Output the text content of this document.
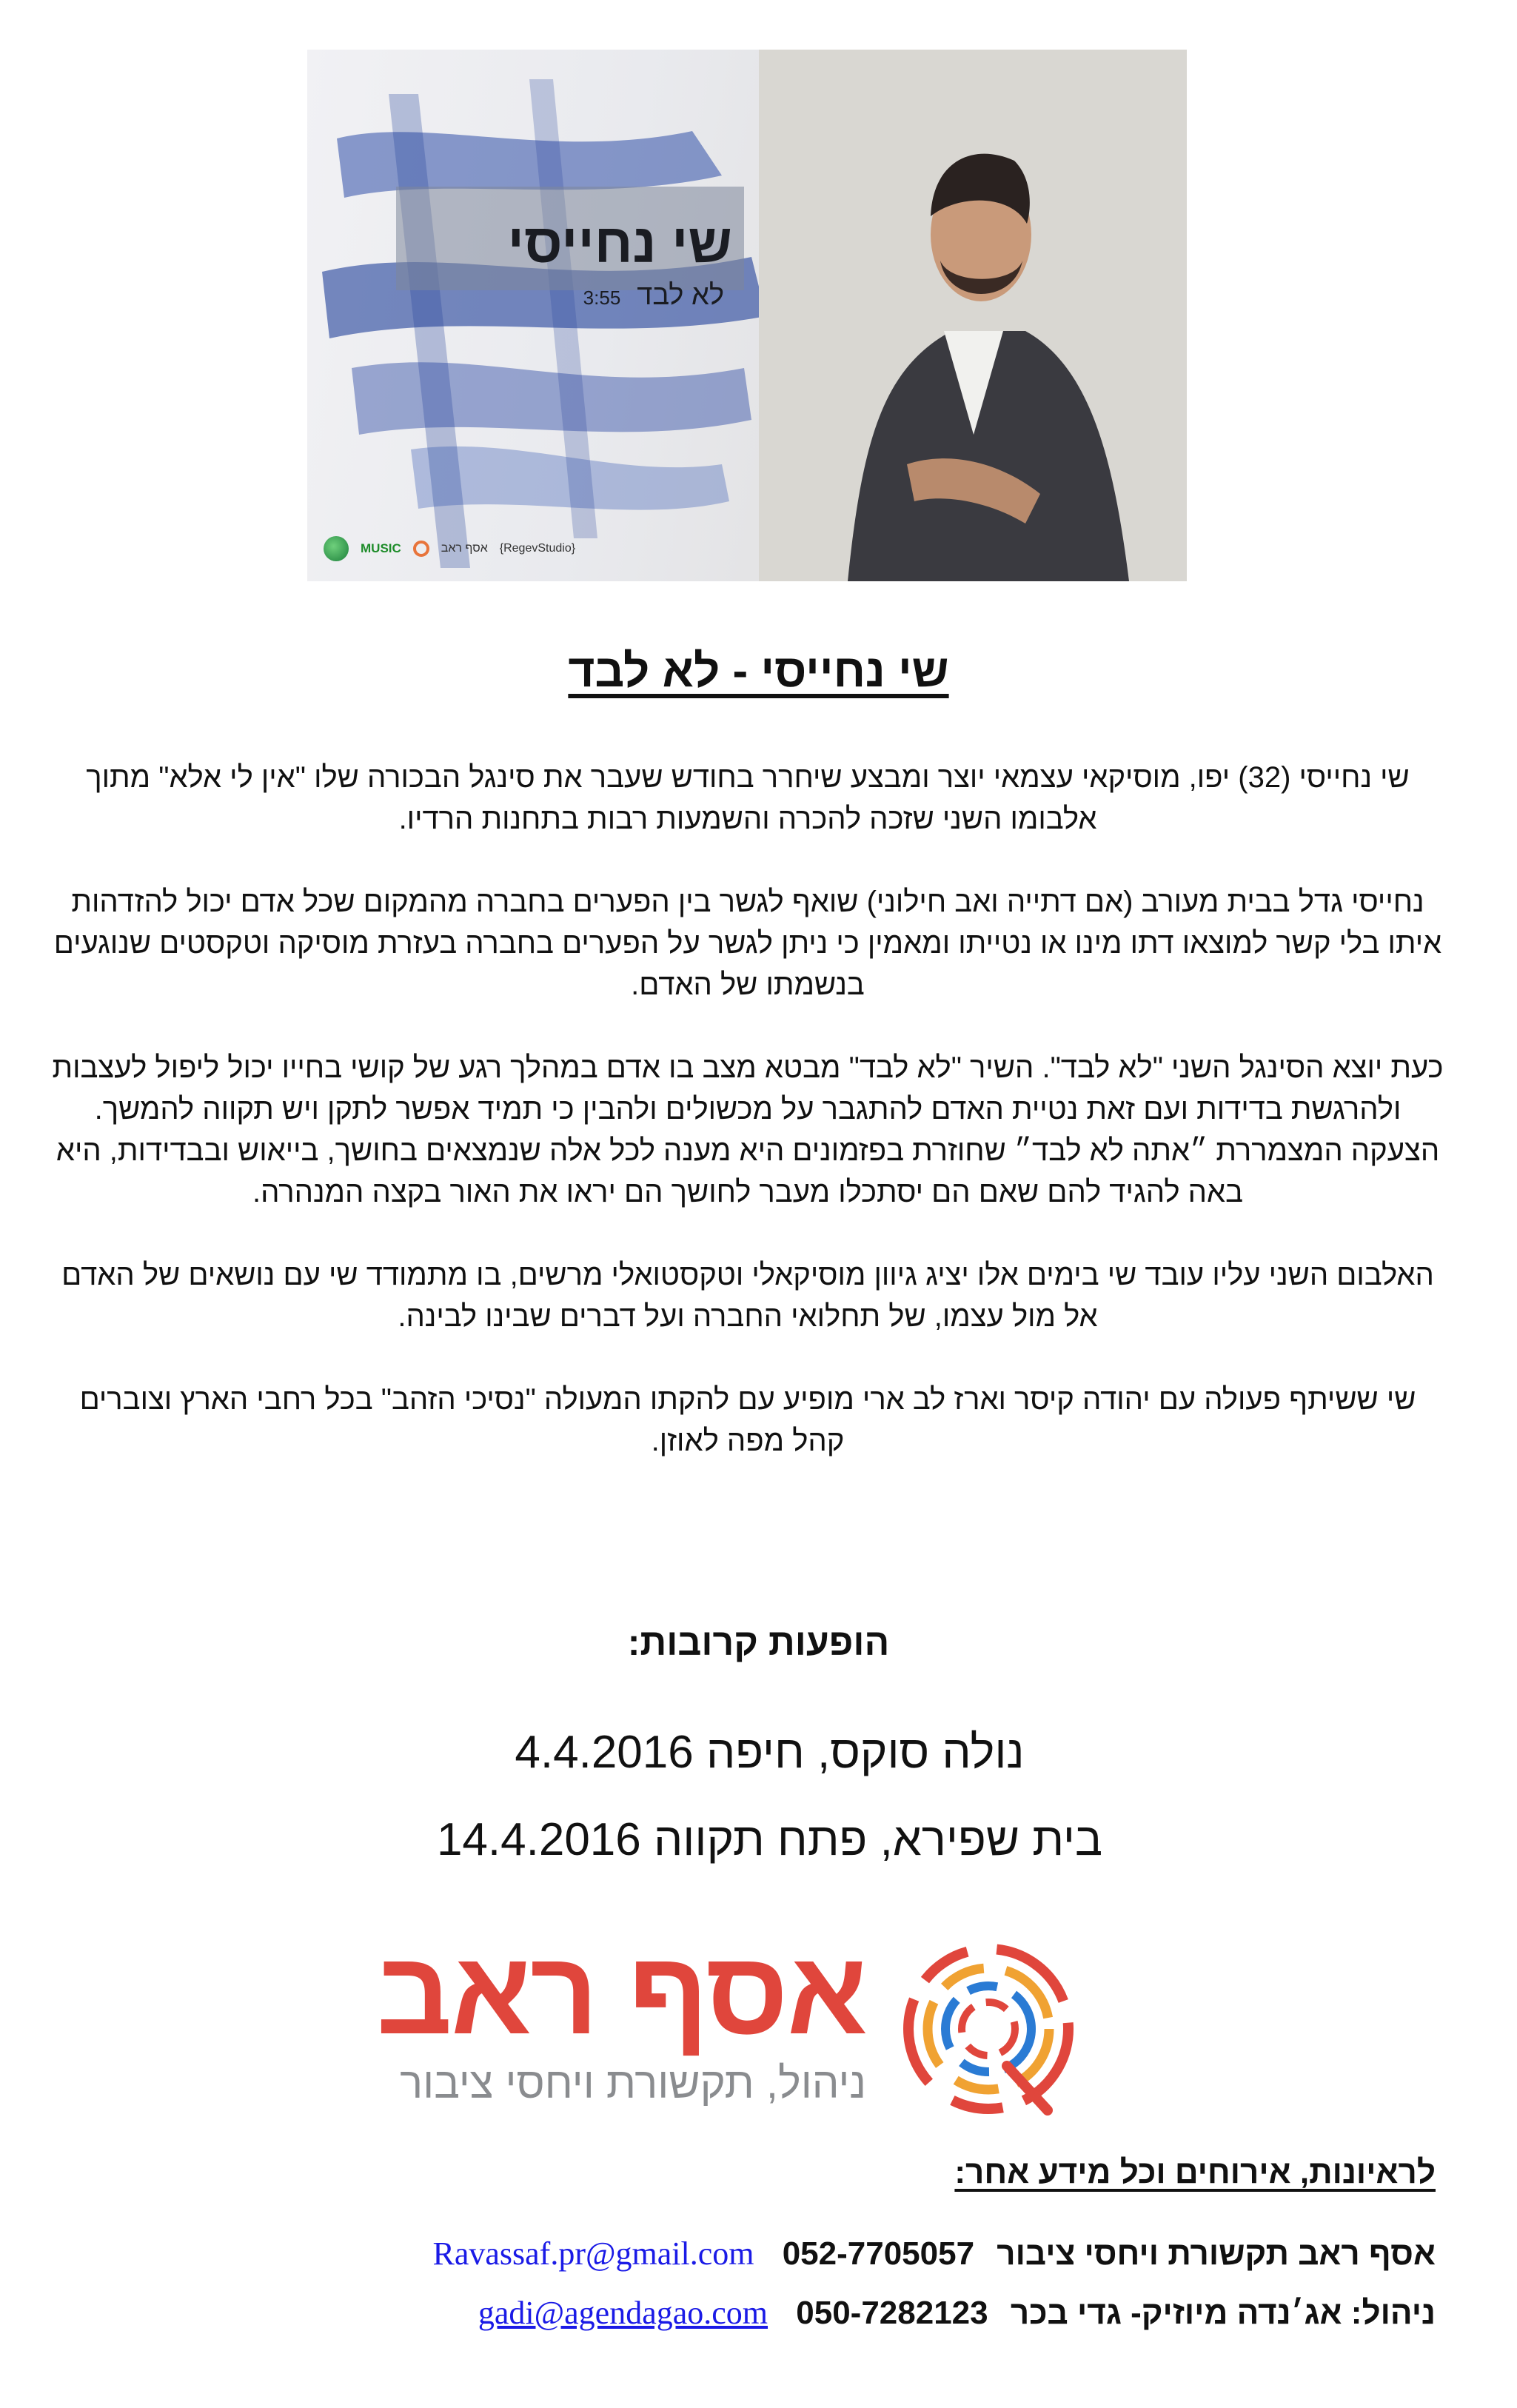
שי נחייסי
לא לבד3:55
MUSIC	אסף ראב {RegevStudio}
שי נחייסי - לא לבד

שי נחייסי (32) יפו, מוסיקאי עצמאי יוצר ומבצע שיחרר בחודש שעבר את סינגל הבכורה שלו "אין לי אלא" מתוך אלבומו השני שזכה להכרה והשמעות רבות בתחנות הרדיו.

נחייסי גדל בבית מעורב (אם דתייה ואב חילוני) שואף לגשר בין הפערים בחברה מהמקום שכל אדם יכול להזדהות איתו בלי קשר למוצאו דתו מינו או נטייתו ומאמין כי ניתן לגשר על הפערים בחברה בעזרת מוסיקה וטקסטים שנוגעים בנשמתו של האדם.

כעת יוצא הסינגל השני "לא לבד". השיר "לא לבד" מבטא מצב בו אדם במהלך רגע של קושי בחייו יכול ליפול לעצבות ולהרגשת בדידות ועם זאת נטיית האדם להתגבר על מכשולים ולהבין כי תמיד אפשר לתקן ויש תקווה להמשך. הצעקה המצמררת ״אתה לא לבד״ שחוזרת בפזמונים היא מענה לכל אלה שנמצאים בחושך, בייאוש ובבדידות, היא באה להגיד להם שאם הם יסתכלו מעבר לחושך הם יראו את האור בקצה המנהרה.

האלבום השני עליו עובד שי בימים אלו יציג גיוון מוסיקאלי וטקסטואלי מרשים, בו מתמודד שי עם נושאים של האדם אל מול עצמו, של תחלואי החברה ועל דברים שבינו לבינה.

שי ששיתף פעולה עם יהודה קיסר וארז לב ארי מופיע עם להקתו המעולה "נסיכי הזהב" בכל רחבי הארץ וצוברים קהל מפה לאוזן.

הופעות קרובות:
נולה סוקס, חיפה 4.4.2016
בית שפירא, פתח תקווה 14.4.2016
אסף ראב
ניהול, תקשורת ויחסי ציבור
לראיונות, אירוחים וכל מידע אחר:
אסף ראב תקשורת ויחסי ציבור 052-7705057 Ravassaf.pr@gmail.com
ניהול: אג׳נדה מיוזיק- גדי בכר 050-7282123 gadi@agendagao.com
